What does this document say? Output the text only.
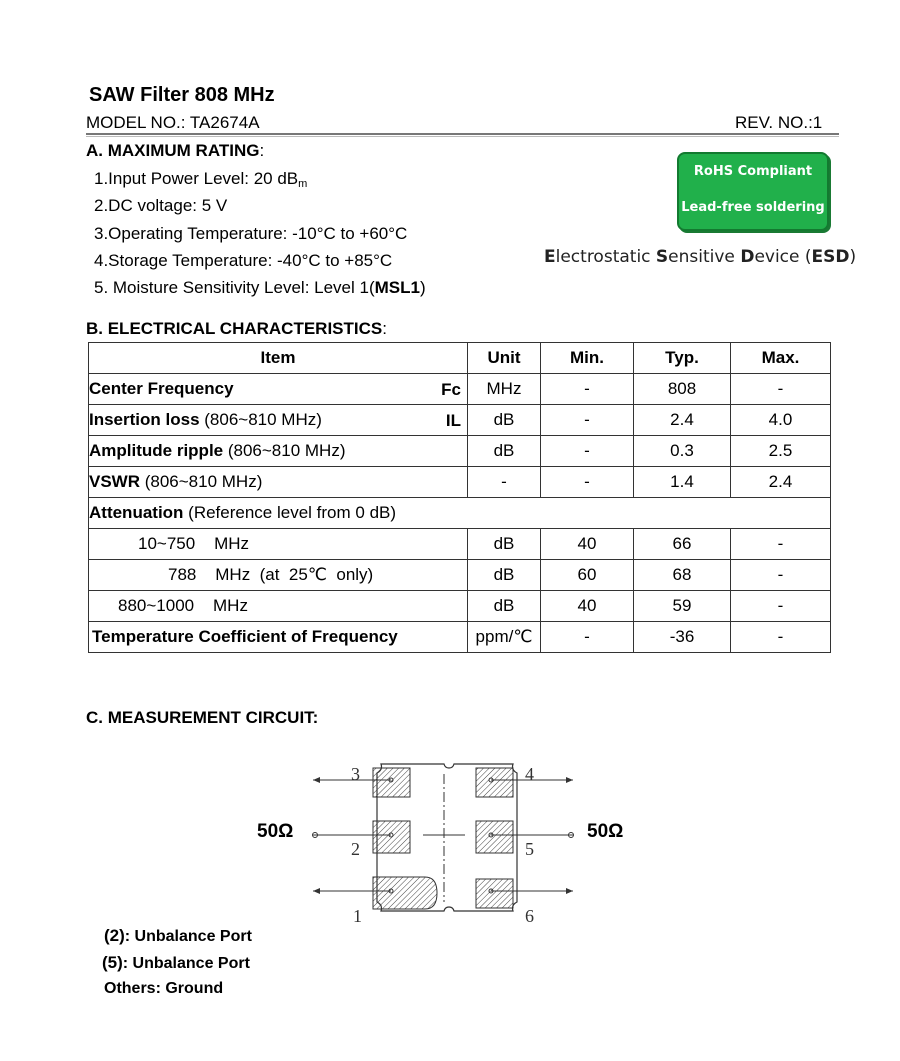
SAW Filter 808 MHz
MODEL NO.: TA2674A	REV. NO.:1
A. MAXIMUM RATING:
1.Input Power Level: 20 $dB_m$
2.DC voltage: 5 V
3.Operating Temperature: -10°C to +60°C
4.Storage Temperature: -40°C to +85°C
5. Moisture Sensitivity Level: Level 1(MSL1)
RoHS Compliant
Lead-free soldering
Electrostatic Sensitive Device (ESD)
B. ELECTRICAL CHARACTERISTICS:
Item	Unit	Min.	Typ.	Max.
Center Frequency Fc	MHz	-	808	-
Insertion loss (806~810 MHz) IL	dB	-	2.4	4.0
Amplitude ripple (806~810 MHz)	dB	-	0.3	2.5
VSWR (806~810 MHz)	-	-	1.4	2.4
Attenuation (Reference level from 0 dB)				
10~750    MHz	dB	40	66	-
788    MHz  (at  25℃  only)	dB	60	68	-
880~1000    MHz	dB	40	59	-
Temperature Coefficient of Frequency	ppm/℃	-	-36	-
C. MEASUREMENT CIRCUIT:
50Ω	50Ω
3	4
2	5
1	6
(2): Unbalance Port
(5): Unbalance Port
Others: Ground
